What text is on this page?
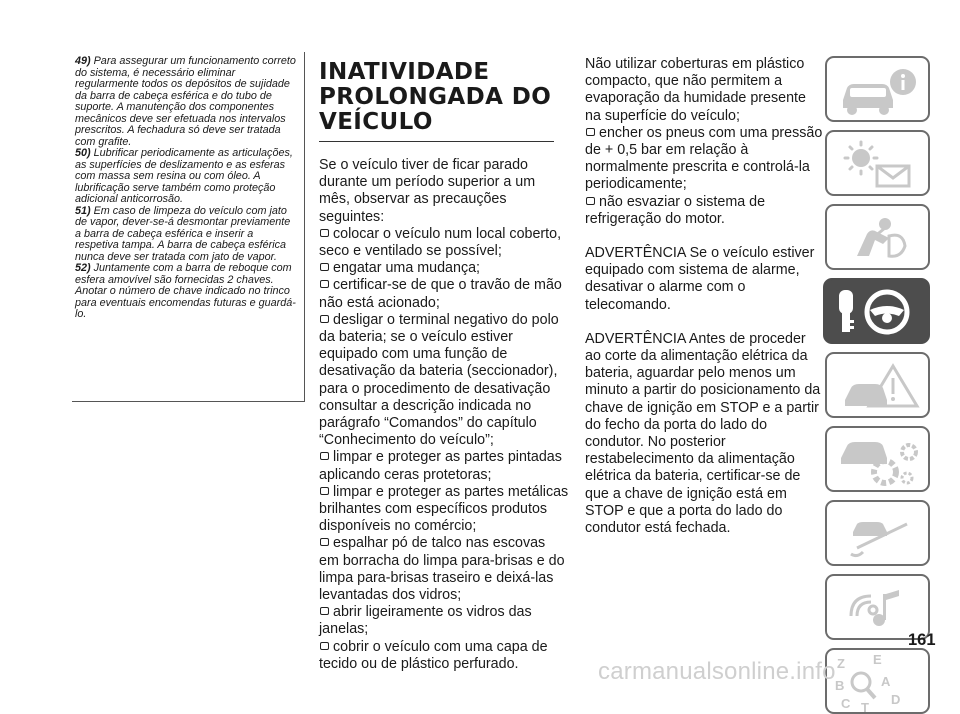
49) Para assegurar um funcionamento correto do sistema, é necessário eliminar regularmente todos os depósitos de sujidade da barra de cabeça esférica e do tubo de suporte. A manutenção dos componentes mecânicos deve ser efetuada nos intervalos prescritos. A fechadura só deve ser tratada com grafite.

50) Lubrificar periodicamente as articulações, as superfícies de deslizamento e as esferas com massa sem resina ou com óleo. A lubrificação serve também como proteção adicional anticorrosão.

51) Em caso de limpeza do veículo com jato de vapor, dever-se-á desmontar previamente a barra de cabeça esférica e inserir a respetiva tampa. A barra de cabeça esférica nunca deve ser tratada com jato de vapor.

52) Juntamente com a barra de reboque com esfera amovível são fornecidas 2 chaves. Anotar o número de chave indicado no trinco para eventuais encomendas futuras e guardá-lo.

INATIVIDADE PROLONGADA DO VEÍCULO

Se o veículo tiver de ficar parado durante um período superior a um mês, observar as precauções seguintes:

colocar o veículo num local coberto, seco e ventilado se possível;

engatar uma mudança;

certificar-se de que o travão de mão não está acionado;

desligar o terminal negativo do polo da bateria; se o veículo estiver equipado com uma função de desativação da bateria (seccionador), para o procedimento de desativação consultar a descrição indicada no parágrafo “Comandos” do capítulo “Conhecimento do veículo”;

limpar e proteger as partes pintadas aplicando ceras protetoras;

limpar e proteger as partes metálicas brilhantes com específicos produtos disponíveis no comércio;

espalhar pó de talco nas escovas em borracha do limpa para-brisas e do limpa para-brisas traseiro e deixá-las levantadas dos vidros;

abrir ligeiramente os vidros das janelas;

cobrir o veículo com uma capa de tecido ou de plástico perfurado.

Não utilizar coberturas em plástico compacto, que não permitem a evaporação da humidade presente na superfície do veículo;

encher os pneus com uma pressão de + 0,5 bar em relação à normalmente prescrita e controlá-la periodicamente;

não esvaziar o sistema de refrigeração do motor.

ADVERTÊNCIA Se o veículo estiver equipado com sistema de alarme, desativar o alarme com o telecomando.

ADVERTÊNCIA Antes de proceder ao corte da alimentação elétrica da bateria, aguardar pelo menos um minuto a partir do posicionamento da chave de ignição em STOP e a partir do fecho da porta do lado do condutor. No posterior restabelecimento da alimentação elétrica da bateria, certificar-se de que a chave de ignição está em STOP e que a porta do lado do condutor está fechada.

Z E
B	A
C T
D
161
carmanualsonline.info
